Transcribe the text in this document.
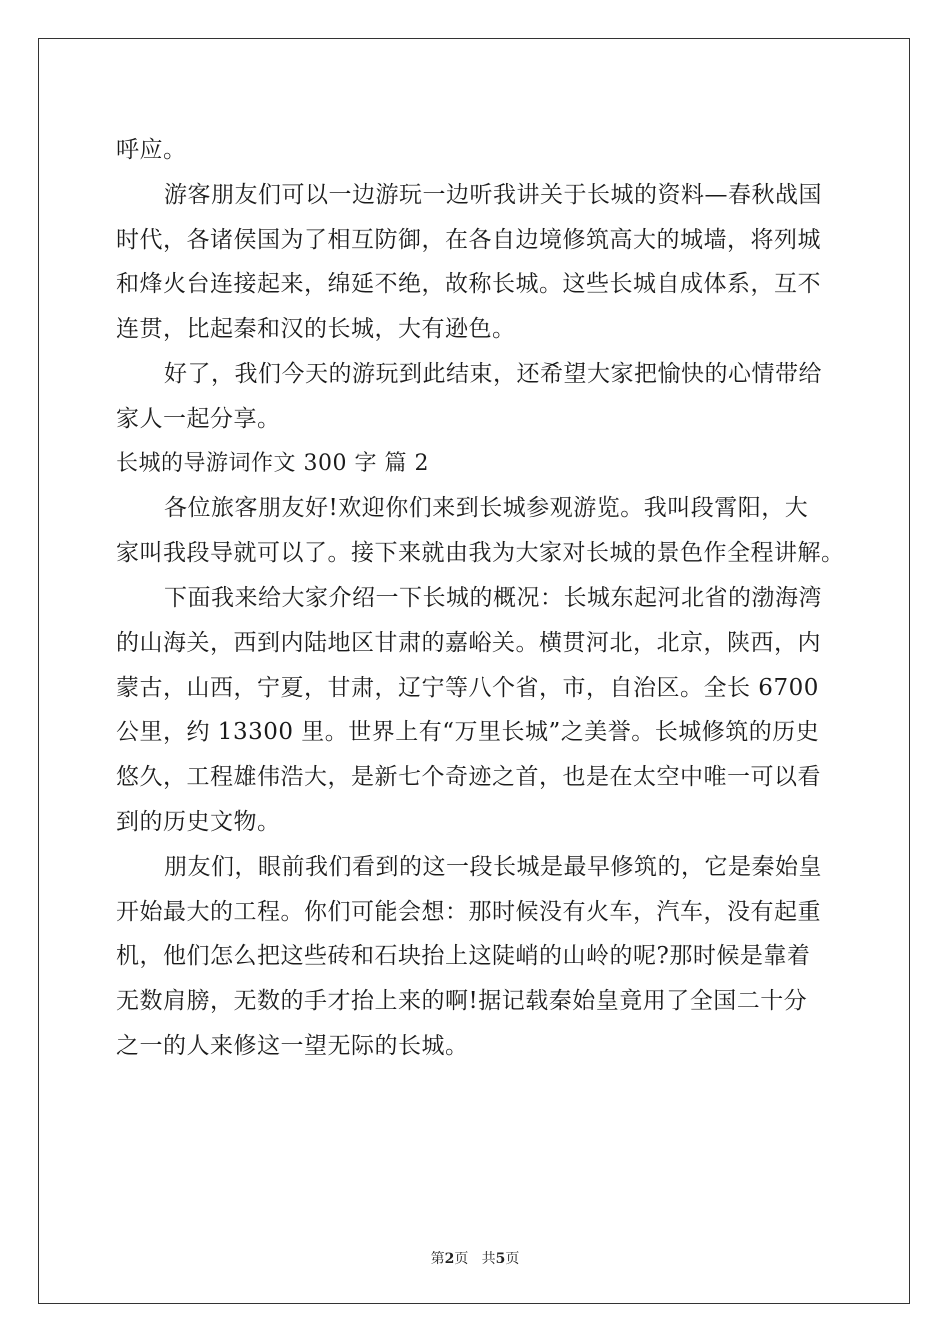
呼应。
游客朋友们可以一边游玩一边听我讲关于长城的资料—春秋战国
时代，各诸侯国为了相互防御，在各自边境修筑高大的城墙，将列城
和烽火台连接起来，绵延不绝，故称长城。这些长城自成体系，互不
连贯，比起秦和汉的长城，大有逊色。
好了，我们今天的游玩到此结束，还希望大家把愉快的心情带给
家人一起分享。
长城的导游词作文 300 字 篇 2
各位旅客朋友好!欢迎你们来到长城参观游览。我叫段霄阳，大
家叫我段导就可以了。接下来就由我为大家对长城的景色作全程讲解。
下面我来给大家介绍一下长城的概况：长城东起河北省的渤海湾
的山海关，西到内陆地区甘肃的嘉峪关。横贯河北，北京，陕西，内
蒙古，山西，宁夏，甘肃，辽宁等八个省，市，自治区。全长 6700
公里，约 13300 里。世界上有“万里长城”之美誉。长城修筑的历史
悠久，工程雄伟浩大，是新七个奇迹之首，也是在太空中唯一可以看
到的历史文物。
朋友们，眼前我们看到的这一段长城是最早修筑的，它是秦始皇
开始最大的工程。你们可能会想：那时候没有火车，汽车，没有起重
机，他们怎么把这些砖和石块抬上这陡峭的山岭的呢?那时候是靠着
无数肩膀，无数的手才抬上来的啊!据记载秦始皇竟用了全国二十分
之一的人来修这一望无际的长城。
第2页 共5页
